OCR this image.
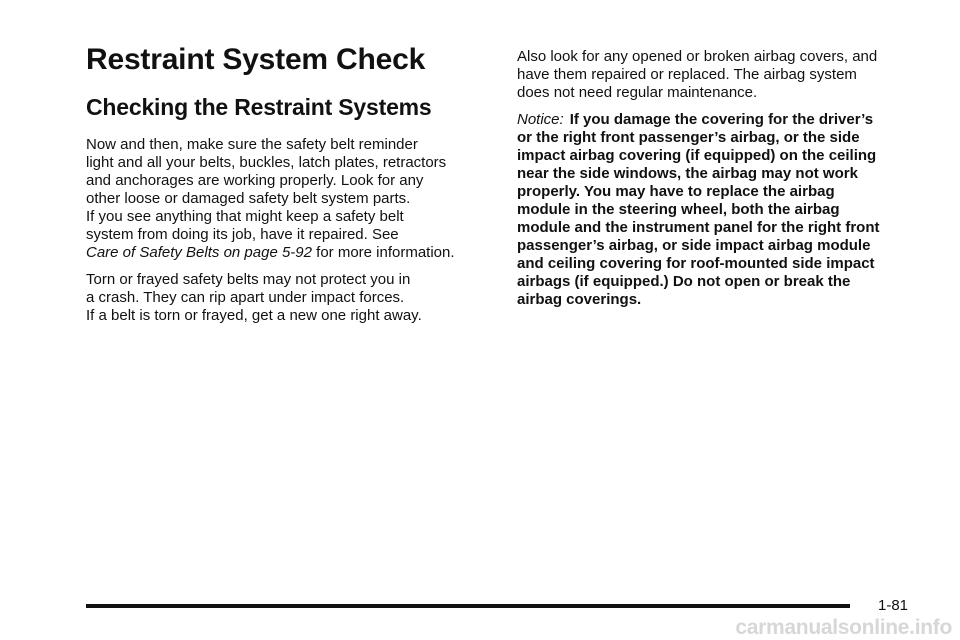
Restraint System Check
Checking the Restraint Systems

Now and then, make sure the safety belt reminder
light and all your belts, buckles, latch plates, retractors
and anchorages are working properly. Look for any
other loose or damaged safety belt system parts.
If you see anything that might keep a safety belt
system from doing its job, have it repaired. See
Care of Safety Belts on page 5-92 for more information.

Torn or frayed safety belts may not protect you in
a crash. They can rip apart under impact forces.
If a belt is torn or frayed, get a new one right away.

Also look for any opened or broken airbag covers, and
have them repaired or replaced. The airbag system
does not need regular maintenance.

Notice: If you damage the covering for the driver’s
or the right front passenger’s airbag, or the side
impact airbag covering (if equipped) on the ceiling
near the side windows, the airbag may not work
properly. You may have to replace the airbag
module in the steering wheel, both the airbag
module and the instrument panel for the right front
passenger’s airbag, or side impact airbag module
and ceiling covering for roof-mounted side impact
airbags (if equipped.) Do not open or break the
airbag coverings.

1-81
carmanualsonline.info
